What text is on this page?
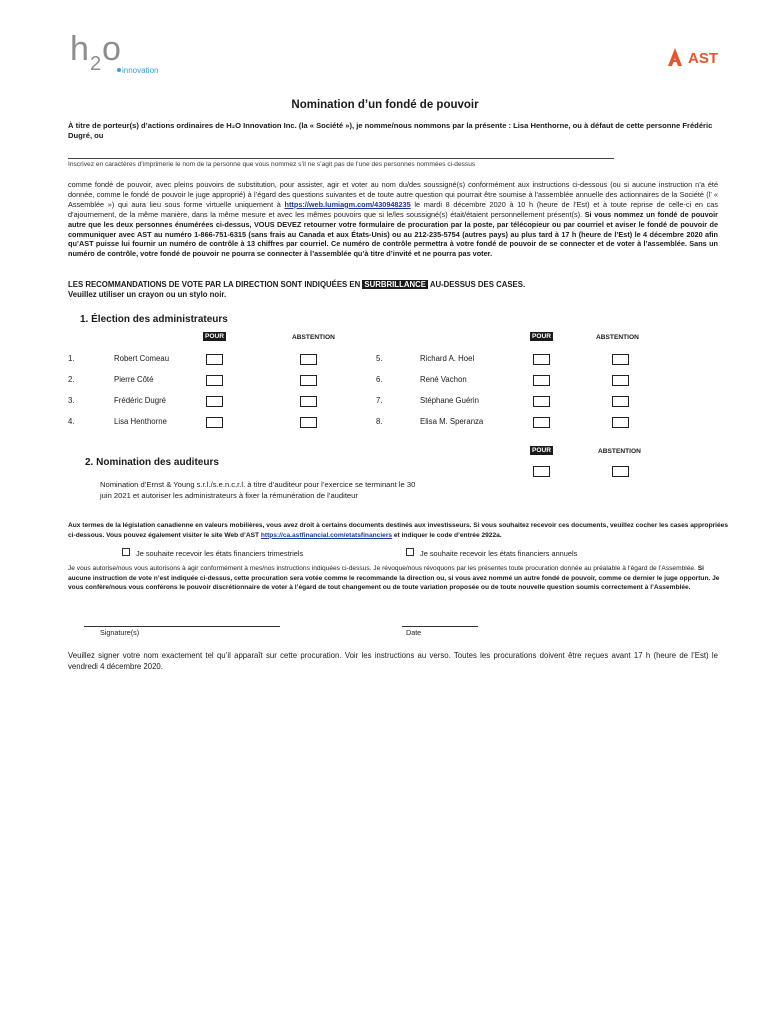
h 2 o
innovation
AST
Nomination d’un fondé de pouvoir
À titre de porteur(s) d’actions ordinaires de H₂O Innovation Inc. (la « Société »), je nomme/nous nommons par la présente : Lisa Henthorne, ou à défaut de cette personne Frédéric Dugré, ou
Inscrivez en caractères d’imprimerie le nom de la personne que vous nommez s’il ne s’agit pas de l’une des personnes nommées ci-dessus
comme fondé de pouvoir, avec pleins pouvoirs de substitution, pour assister, agir et voter au nom du/des soussigné(s) conformément aux instructions ci-dessous (ou si aucune instruction n’a été donnée, comme le fondé de pouvoir le juge approprié) à l’égard des questions suivantes et de toute autre question qui pourrait être soumise à l’assemblée annuelle des actionnaires de la Société (l’ « Assemblée ») qui aura lieu sous forme virtuelle uniquement à https://web.lumiagm.com/430948235 le mardi 8 décembre 2020 à 10 h (heure de l’Est) et à toute reprise de celle-ci en cas d’ajournement, de la même manière, dans la même mesure et avec les mêmes pouvoirs que si le/les soussigné(s) était/étaient personnellement présent(s). Si vous nommez un fondé de pouvoir autre que les deux personnes énumérées ci-dessus, VOUS DEVEZ retourner votre formulaire de procuration par la poste, par télécopieur ou par courriel et aviser le fondé de pouvoir de communiquer avec AST au numéro 1-866-751-6315 (sans frais au Canada et aux États-Unis) ou au 212-235-5754 (autres pays) au plus tard à 17 h (heure de l’Est) le 4 décembre 2020 afin qu’AST puisse lui fournir un numéro de contrôle à 13 chiffres par courriel. Ce numéro de contrôle permettra à votre fondé de pouvoir de se connecter et de voter à l’assemblée. Sans un numéro de contrôle, votre fondé de pouvoir ne pourra se connecter à l’assemblée qu’à titre d’invité et ne pourra pas voter.
LES RECOMMANDATIONS DE VOTE PAR LA DIRECTION SONT INDIQUÉES EN SURBRILLANCE AU-DESSUS DES CASES.
Veuillez utiliser un crayon ou un stylo noir.
1. Élection des administrateurs
POUR	ABSTENTION	POUR	ABSTENTION
1.	Robert Comeau
2.	Pierre Côté
3.	Frédéric Dugré
4.	Lisa Henthorne
5.	Richard A. Hoel
6.	René Vachon
7.	Stéphane Guérin
8.	Elisa M. Speranza
POUR	ABSTENTION
2. Nomination des auditeurs
Nomination d’Ernst & Young s.r.l./s.e.n.c.r.l. à titre d’auditeur pour l’exercice se terminant le 30 juin 2021 et autoriser les administrateurs à fixer la rémunération de l’auditeur
Aux termes de la législation canadienne en valeurs mobilières, vous avez droit à certains documents destinés aux investisseurs. Si vous souhaitez recevoir ces documents, veuillez cocher les cases appropriées ci-dessous. Vous pouvez également visiter le site Web d’AST https://ca.astfinancial.com/etatsfinanciers et indiquer le code d’entrée 2922a.
Je souhaite recevoir les états financiers trimestriels	Je souhaite recevoir les états financiers annuels
Je vous autorise/nous vous autorisons à agir conformément à mes/nos instructions indiquées ci-dessus. Je révoque/nous révoquons par les présentes toute procuration donnée au préalable à l’égard de l’Assemblée. Si aucune instruction de vote n’est indiquée ci-dessus, cette procuration sera votée comme le recommande la direction ou, si vous avez nommé un autre fondé de pouvoir, comme ce dernier le juge opportun. Je vous confère/nous vous conférons le pouvoir discrétionnaire de voter à l’égard de tout changement ou de toute variation proposée ou de toute nouvelle question soumis correctement à l’Assemblée.
Signature(s)	Date
Veuillez signer votre nom exactement tel qu’il apparaît sur cette procuration. Voir les instructions au verso. Toutes les procurations doivent être reçues avant 17 h (heure de l’Est) le vendredi 4 décembre 2020.
